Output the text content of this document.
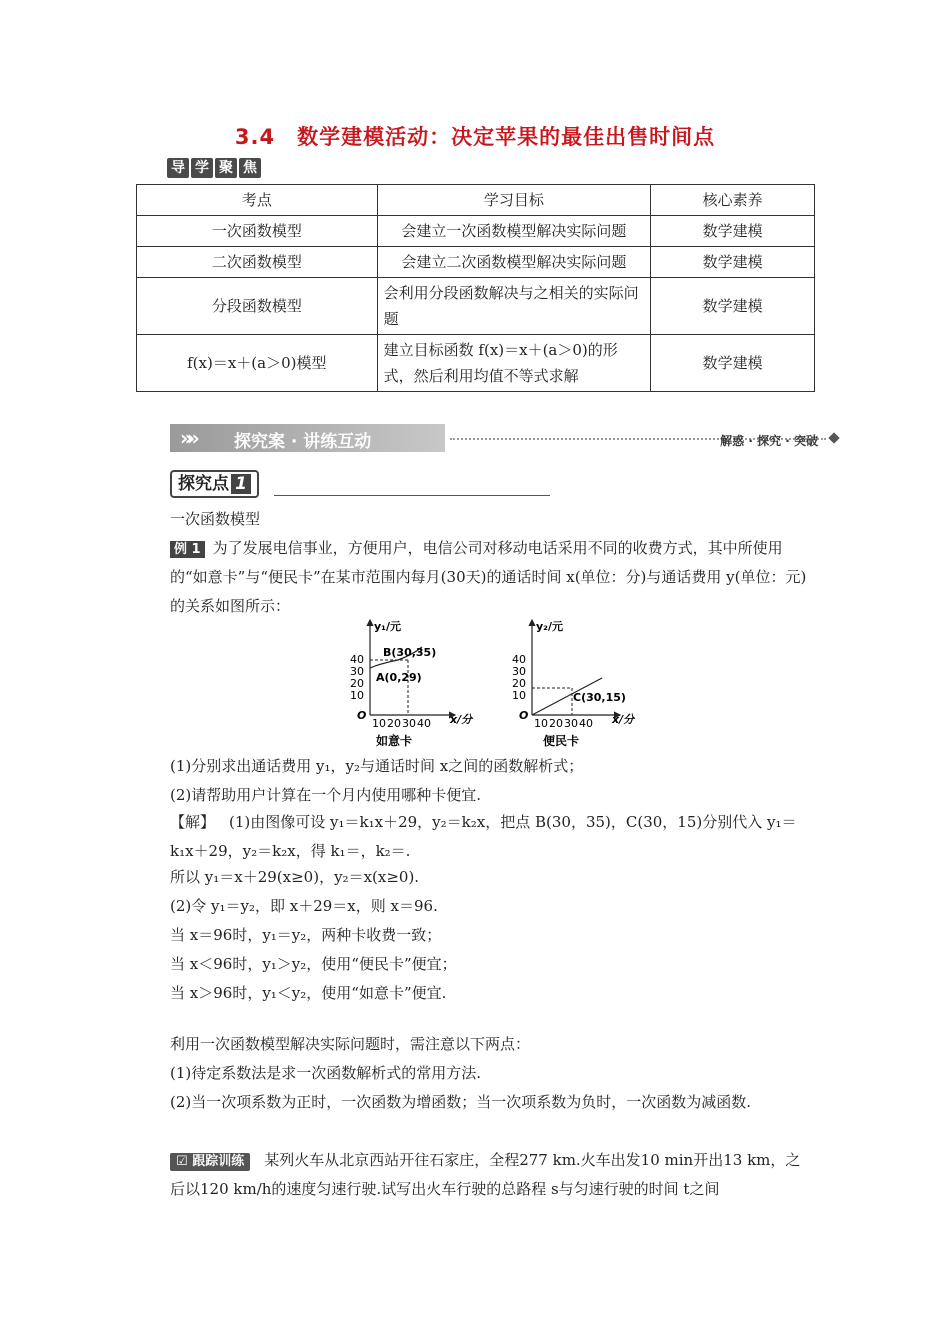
3.4　数学建模活动：决定苹果的最佳出售时间点
导 学 聚 焦
考点	学习目标	核心素养
一次函数模型	会建立一次函数模型解决实际问题	数学建模
二次函数模型	会建立二次函数模型解决实际问题	数学建模
分段函数模型	会利用分段函数解决与之相关的实际问题	数学建模
f(x)＝x＋(a＞0)模型	建立目标函数 f(x)＝x＋(a＞0)的形式，然后利用均值不等式求解	数学建模
»» 探究案 · 讲练互动	解惑 · 探究 · 突破
探究点 1
一次函数模型
例 1 为了发展电信事业，方便用户，电信公司对移动电话采用不同的收费方式，其中所使用的“如意卡”与“便民卡”在某市范围内每月(30天)的通话时间 x(单位：分)与通话费用 y(单位：元)的关系如图所示：
y₁/元
x/分
O
40
30
20
10
10 20 30 40
B(30,35)
A(0,29)
如意卡
y₂/元
x/分
O
40
30
20
10
10 20 30 40
C(30,15)
便民卡
(1)分别求出通话费用 y₁，y₂与通话时间 x之间的函数解析式；
(2)请帮助用户计算在一个月内使用哪种卡便宜.
【解】 (1)由图像可设 y₁＝k₁x＋29，y₂＝k₂x，把点 B(30，35)，C(30，15)分别代入 y₁＝k₁x＋29，y₂＝k₂x，得 k₁＝，k₂＝.
所以 y₁＝x＋29(x≥0)，y₂＝x(x≥0).
(2)令 y₁＝y₂，即 x＋29＝x，则 x＝96.
当 x＝96时，y₁＝y₂，两种卡收费一致；
当 x＜96时，y₁＞y₂，使用“便民卡”便宜；
当 x＞96时，y₁＜y₂，使用“如意卡”便宜.
利用一次函数模型解决实际问题时，需注意以下两点：
(1)待定系数法是求一次函数解析式的常用方法.
(2)当一次项系数为正时，一次函数为增函数；当一次项系数为负时，一次函数为减函数.
☑ 跟踪训练 某列火车从北京西站开往石家庄，全程277 km.火车出发10 min开出13 km，之后以120 km/h的速度匀速行驶.试写出火车行驶的总路程 s与匀速行驶的时间 t之间
